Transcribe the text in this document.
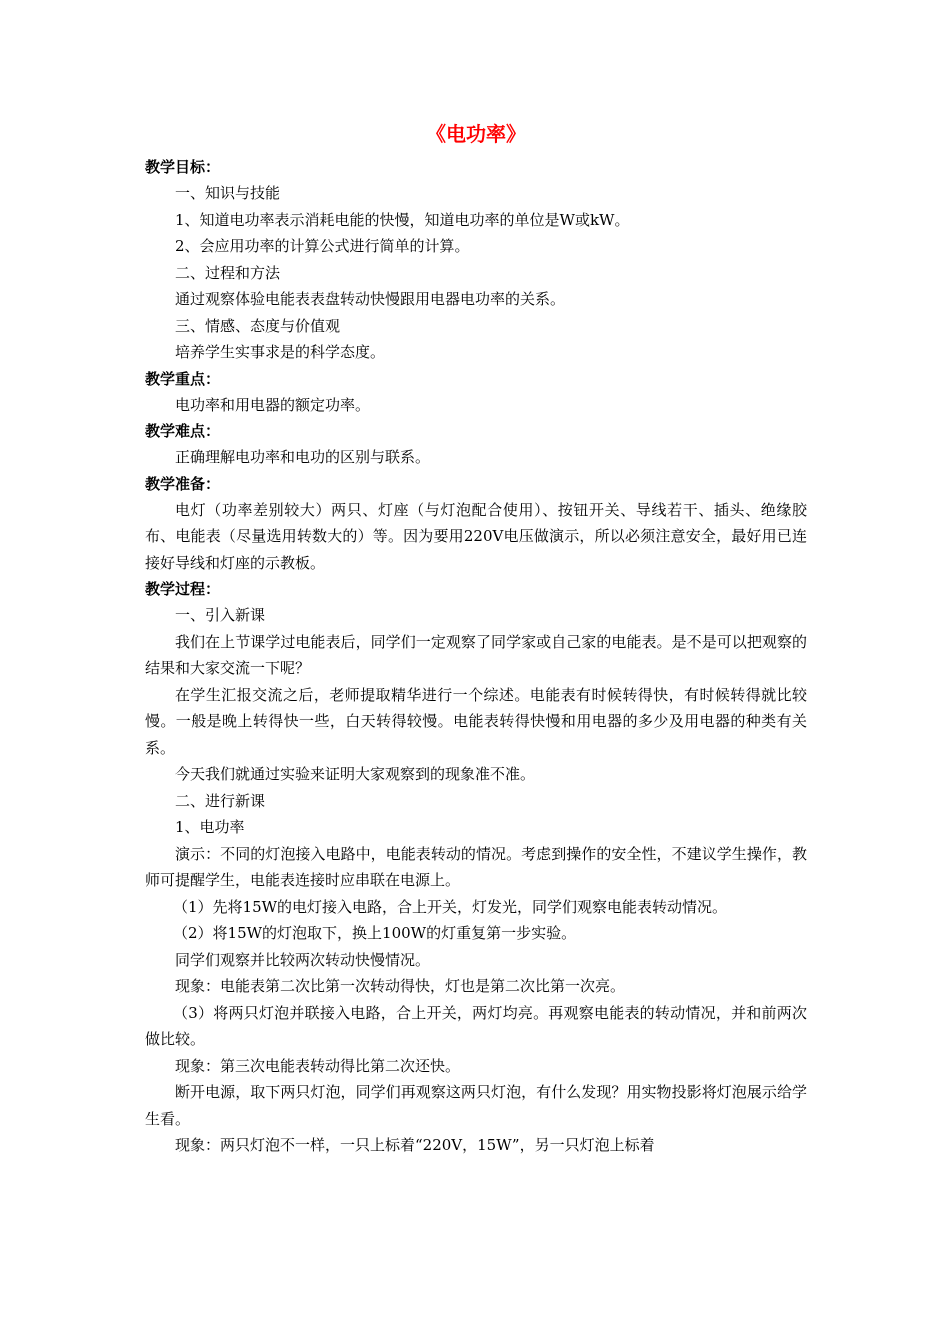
《电功率》
教学目标：

一、知识与技能

1、知道电功率表示消耗电能的快慢，知道电功率的单位是W或kW。

2、会应用功率的计算公式进行简单的计算。

二、过程和方法

通过观察体验电能表表盘转动快慢跟用电器电功率的关系。

三、情感、态度与价值观

培养学生实事求是的科学态度。

教学重点：

电功率和用电器的额定功率。

教学难点：

正确理解电功率和电功的区别与联系。

教学准备：

电灯（功率差别较大）两只、灯座（与灯泡配合使用）、按钮开关、导线若干、插头、绝缘胶布、电能表（尽量选用转数大的）等。因为要用220V电压做演示，所以必须注意安全，最好用已连接好导线和灯座的示教板。

教学过程：

一、引入新课

我们在上节课学过电能表后，同学们一定观察了同学家或自己家的电能表。是不是可以把观察的结果和大家交流一下呢？

在学生汇报交流之后，老师提取精华进行一个综述。电能表有时候转得快，有时候转得就比较慢。一般是晚上转得快一些，白天转得较慢。电能表转得快慢和用电器的多少及用电器的种类有关系。

今天我们就通过实验来证明大家观察到的现象准不准。

二、进行新课

1、电功率

演示：不同的灯泡接入电路中，电能表转动的情况。考虑到操作的安全性，不建议学生操作，教师可提醒学生，电能表连接时应串联在电源上。

（1）先将15W的电灯接入电路，合上开关，灯发光，同学们观察电能表转动情况。

（2）将15W的灯泡取下，换上100W的灯重复第一步实验。

同学们观察并比较两次转动快慢情况。

现象：电能表第二次比第一次转动得快，灯也是第二次比第一次亮。

（3）将两只灯泡并联接入电路，合上开关，两灯均亮。再观察电能表的转动情况，并和前两次做比较。

现象：第三次电能表转动得比第二次还快。

断开电源，取下两只灯泡，同学们再观察这两只灯泡，有什么发现？用实物投影将灯泡展示给学生看。

现象：两只灯泡不一样，一只上标着“220V，15W”，另一只灯泡上标着
